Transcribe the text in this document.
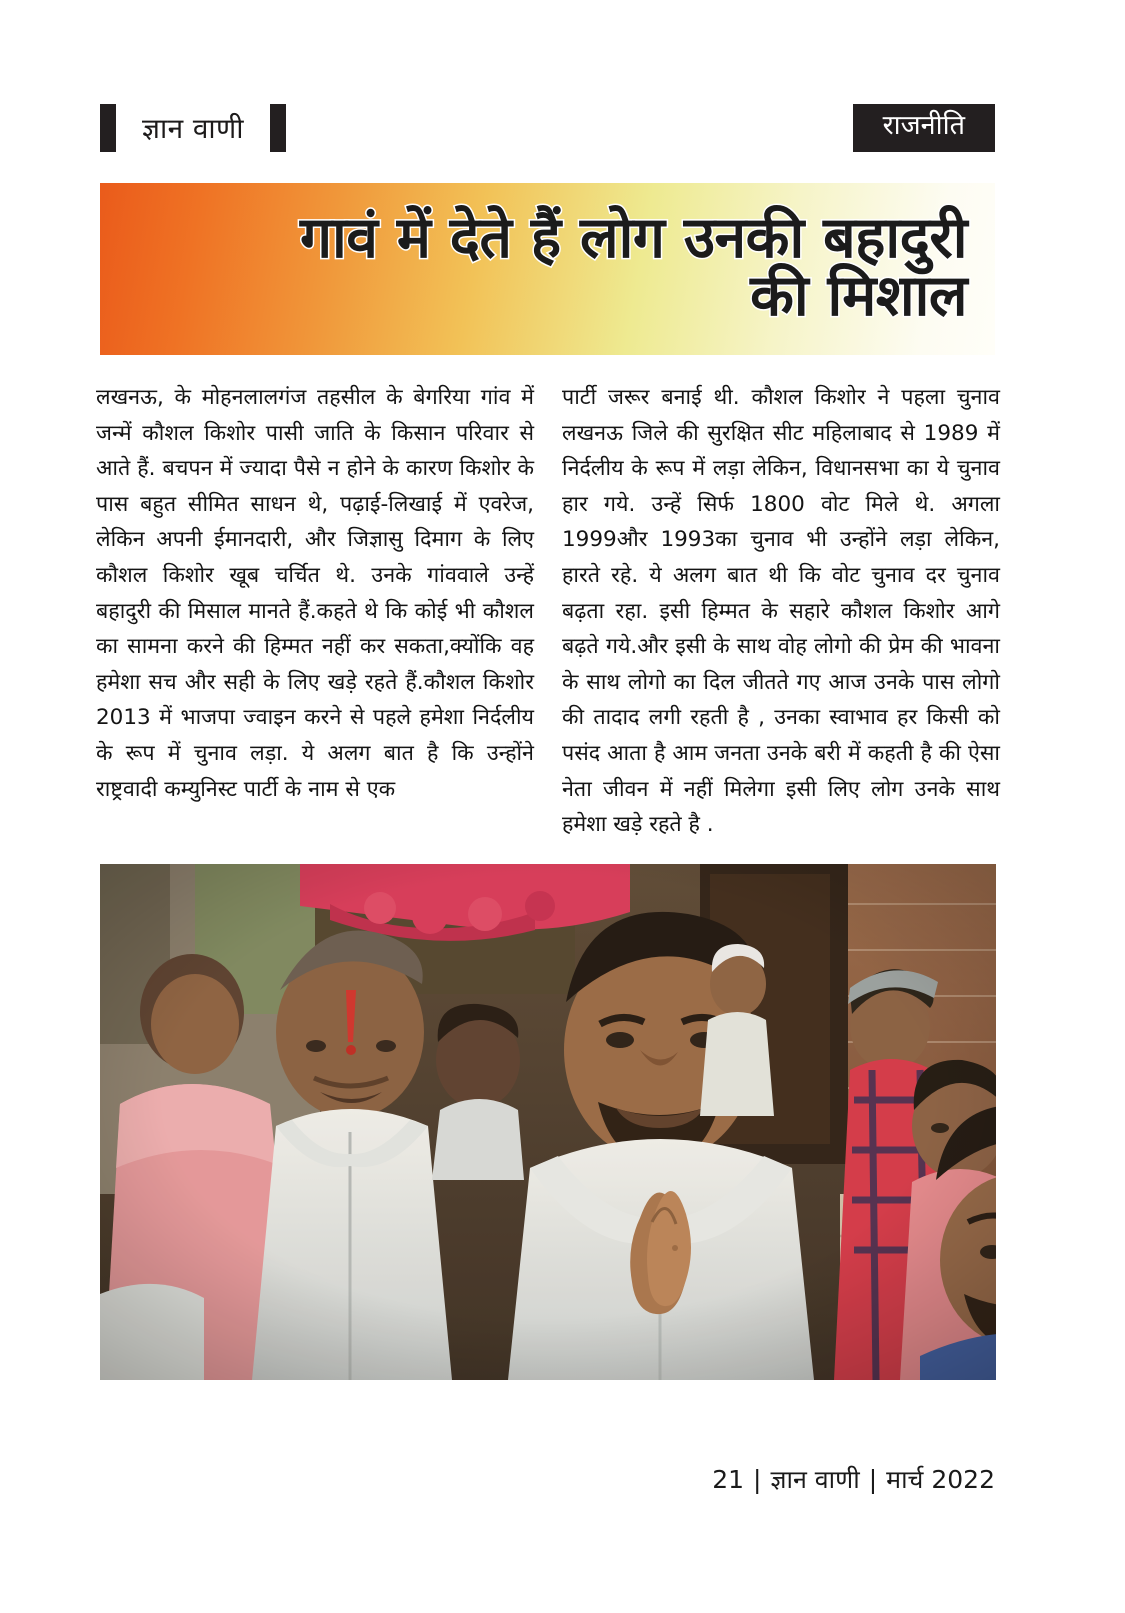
ज्ञान वाणी	राजनीति
गावं में देते हैं लोग उनकी बहादुरी
की मिशाल

लखनऊ, के मोहनलालगंज तहसील के बेगरिया गांव में जन्में कौशल किशोर पासी जाति के किसान परिवार से आते हैं. बचपन में ज्यादा पैसे न होने के कारण किशोर के पास बहुत सीमित साधन थे, पढ़ाई-लिखाई में एवरेज, लेकिन अपनी ईमानदारी, और जिज्ञासु दिमाग के लिए कौशल किशोर खूब चर्चित थे. उनके गांववाले उन्हें बहादुरी की मिसाल मानते हैं.कहते थे कि कोई भी कौशल का सामना करने की हिम्मत नहीं कर सकता,क्योंकि वह हमेशा सच और सही के लिए खड़े रहते हैं.कौशल किशोर 2013 में भाजपा ज्वाइन करने से पहले हमेशा निर्दलीय के रूप में चुनाव लड़ा. ये अलग बात है कि उन्होंने राष्ट्रवादी कम्युनिस्ट पार्टी के नाम से एक

पार्टी जरूर बनाई थी. कौशल किशोर ने पहला चुनाव लखनऊ जिले की सुरक्षित सीट महिलाबाद से 1989 में निर्दलीय के रूप में लड़ा लेकिन, विधानसभा का ये चुनाव हार गये. उन्हें सिर्फ 1800 वोट मिले थे. अगला 1999और 1993का चुनाव भी उन्होंने लड़ा लेकिन, हारते रहे. ये अलग बात थी कि वोट चुनाव दर चुनाव बढ़ता रहा. इसी हिम्मत के सहारे कौशल किशोर आगे बढ़ते गये.और इसी के साथ वोह लोगो की प्रेम की भावना के साथ लोगो का दिल जीतते गए आज उनके पास लोगो की तादाद लगी रहती है , उनका स्वाभाव हर किसी को पसंद आता है आम जनता उनके बरी में कहती है की ऐसा नेता जीवन में नहीं मिलेगा इसी लिए लोग उनके साथ हमेशा खड़े रहते है .

21 | ज्ञान वाणी | मार्च 2022
